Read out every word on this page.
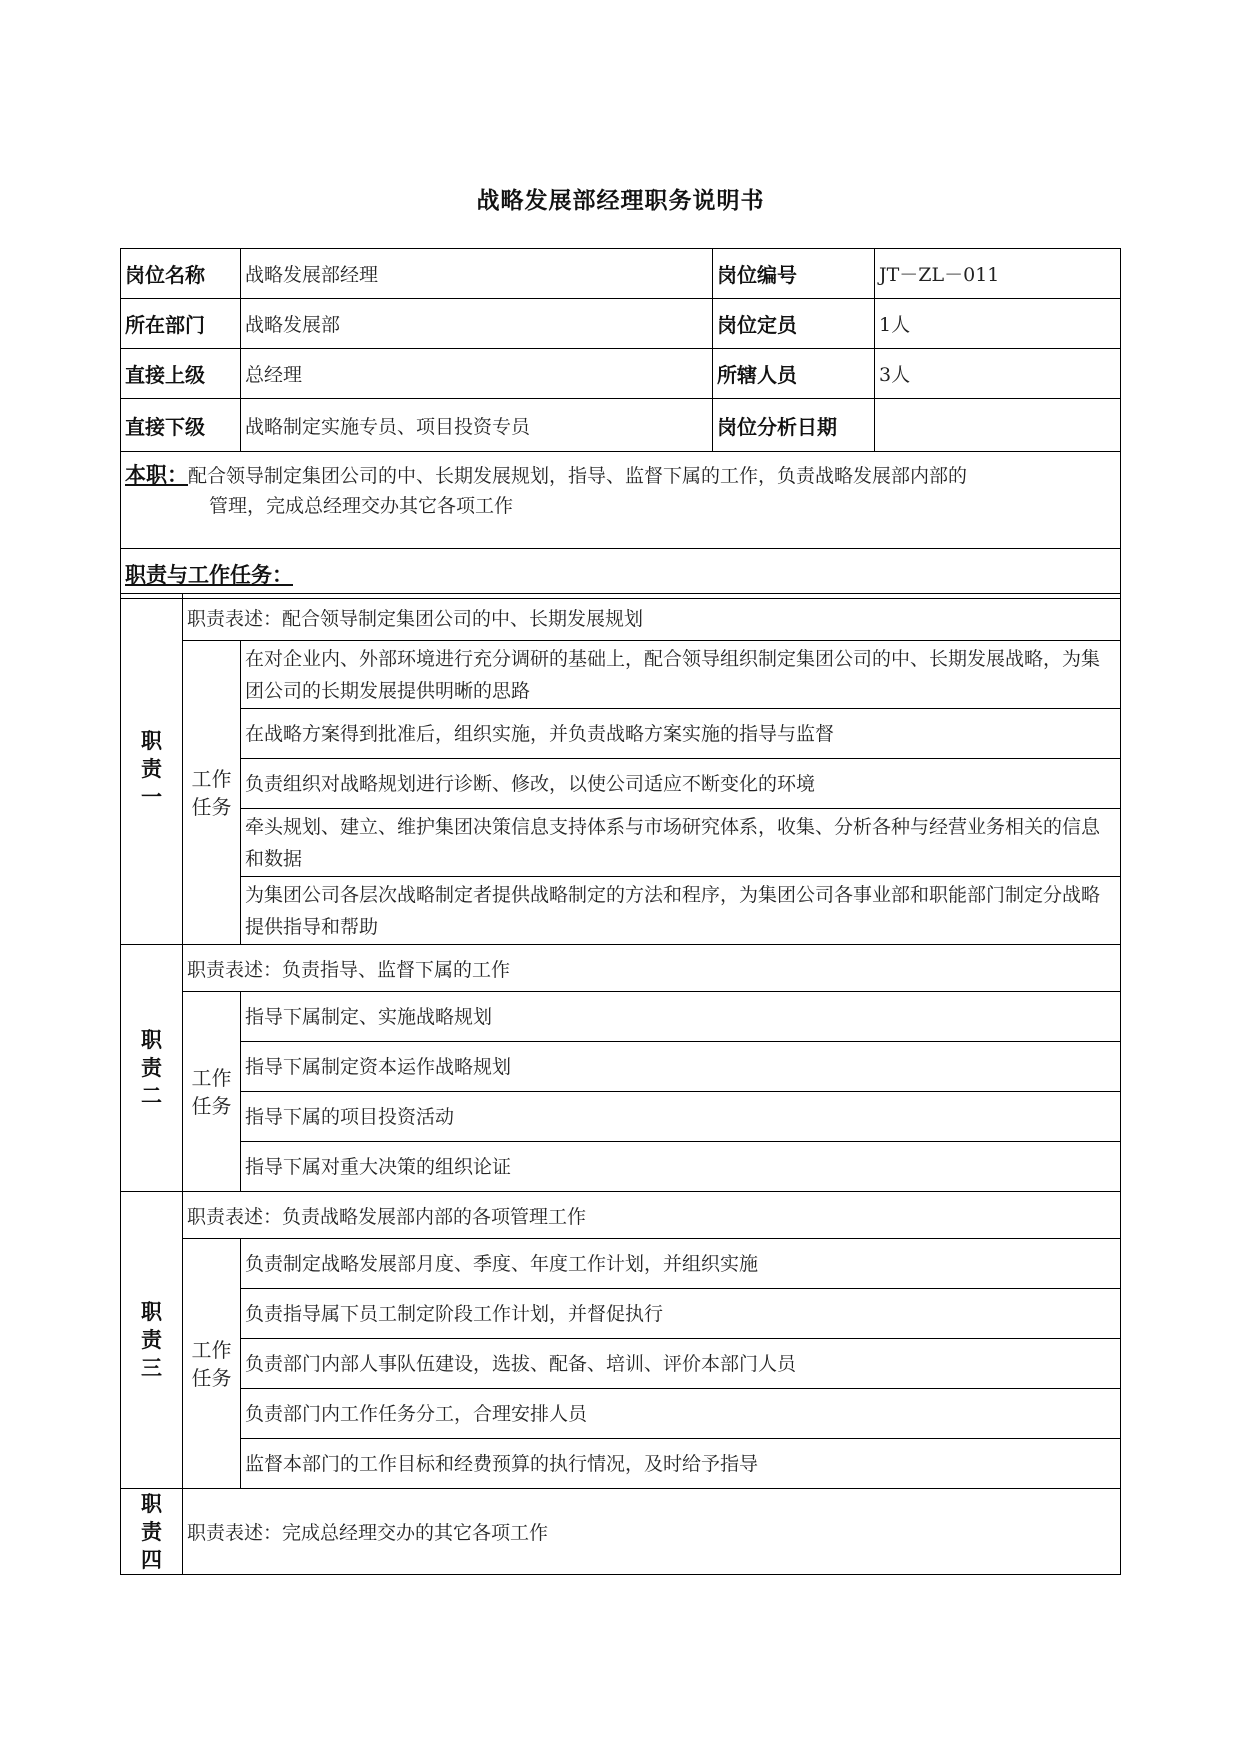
战略发展部经理职务说明书
岗位名称	战略发展部经理	岗位编号	JT－ZL－011
所在部门	战略发展部	岗位定员	1人
直接上级	总经理	所辖人员	3人
直接下级	战略制定实施专员、项目投资专员	岗位分析日期	
本职：配合领导制定集团公司的中、长期发展规划，指导、监督下属的工作，负责战略发展部内部的
管理，完成总经理交办其它各项工作			

职责与工作任务：			
职
责
一	职责表述：配合领导制定集团公司的中、长期发展规划	

	工作
任务	在对企业内、外部环境进行充分调研的基础上，配合领导组织制定集团公司的中、长期发展战略，为集团公司的长期发展提供明晰的思路
		在战略方案得到批准后，组织实施，并负责战略方案实施的指导与监督
		负责组织对战略规划进行诊断、修改，以使公司适应不断变化的环境
		牵头规划、建立、维护集团决策信息支持体系与市场研究体系，收集、分析各种与经营业务相关的信息和数据
		为集团公司各层次战略制定者提供战略制定的方法和程序，为集团公司各事业部和职能部门制定分战略提供指导和帮助

职
责
二	职责表述：负责指导、监督下属的工作	

	工作
任务	指导下属制定、实施战略规划
		指导下属制定资本运作战略规划
		指导下属的项目投资活动
		指导下属对重大决策的组织论证

职
责
三	职责表述：负责战略发展部内部的各项管理工作	

	工作
任务	负责制定战略发展部月度、季度、年度工作计划，并组织实施
		负责指导属下员工制定阶段工作计划，并督促执行
		负责部门内部人事队伍建设，选拔、配备、培训、评价本部门人员
		负责部门内工作任务分工，合理安排人员
		监督本部门的工作目标和经费预算的执行情况，及时给予指导

职
责
四	职责表述：完成总经理交办的其它各项工作	
